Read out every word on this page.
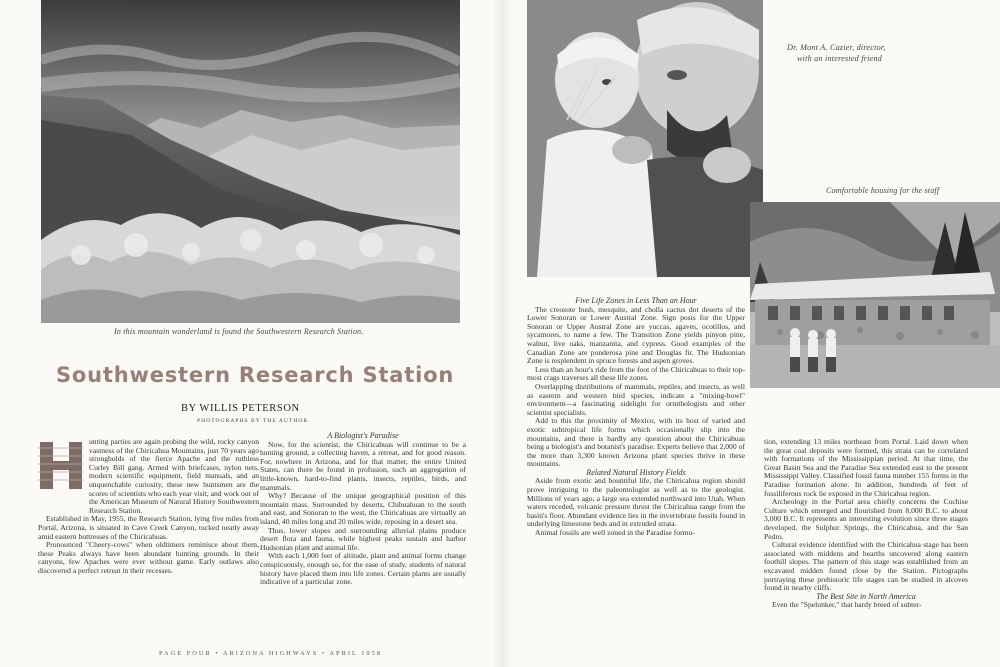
In this mountain wonderland is found the Southwestern Research Station.
Southwestern Research Station
BY WILLIS PETERSON
PHOTOGRAPHS BY THE AUTHOR

unting parties are again probing the wild, rocky canyon vastness of the Chiricahua Mountains, just 70 years ago strongholds of the fierce Apache and the ruthless Curley Bill gang. Armed with briefcases, nylon nets, modern scientific equipment, field manuals, and an unquenchable curiosity, these new huntsmen are the scores of scientists who each year visit, and work out of the American Museum of Natural History Southwestern Research Station.

Established in May, 1955, the Research Station, lying five miles from Portal, Arizona, is situated in Cave Creek Canyon, tucked neatly away amid eastern buttresses of the Chiricahuas.

Pronounced "Cheery-cows" when oldtimers reminisce about them, these Peaks always have been abundant hunting grounds. In their canyons, few Apaches were ever without game. Early outlaws also discovered a perfect retreat in their recesses.

A Biologist's Paradise

Now, for the scientist, the Chiricahuas will continue to be a hunting ground, a collecting haven, a retreat, and for good reason. For, nowhere in Arizona, and for that matter, the entire United States, can there be found in profusion, such an aggregation of little-known, hard-to-find plants, insects, reptiles, birds, and mammals.

Why? Because of the unique geographical position of this mountain mass. Surrounded by deserts, Chihuahuan to the south and east, and Sonoran to the west, the Chiricahuas are virtually an island, 40 miles long and 20 miles wide, reposing in a desert sea.

Thus, lower slopes and surrounding alluvial plains produce desert flora and fauna, while highest peaks sustain and harbor Hudsonian plant and animal life.

With each 1,000 feet of altitude, plant and animal forms change conspicuously, enough so, for the ease of study, students of natural history have placed them into life zones. Certain plants are usually indicative of a particular zone.

PAGE FOUR • ARIZONA HIGHWAYS • APRIL 1958
Dr. Mont A. Cazier, director,
with an interested friend
Comfortable housing for the staff

Five Life Zones in Less Than an Hour

The creosote bush, mesquite, and cholla cactus dot deserts of the Lower Sonoran or Lower Austral Zone. Sign posts for the Upper Sonoran or Upper Austral Zone are yuccas, agaves, ocotillos, and sycamores, to name a few. The Transition Zone yields pinyon pine, walnut, live oaks, manzanita, and cypress. Good examples of the Canadian Zone are ponderosa pine and Douglas fir. The Hudsonian Zone is resplendent in spruce forests and aspen groves.

Less than an hour's ride from the foot of the Chiricahuas to their top-most crags traverses all these life zones.

Overlapping distributions of mammals, reptiles, and insects, as well as eastern and western bird species, indicate a "mixing-bowl" environment—a fascinating sidelight for ornithologists and other scientist specialists.

Add to this the proximity of Mexico, with its host of varied and exotic subtropical life forms which occasionally slip into the mountains, and there is hardly any question about the Chiricahuas being a biologist's and botanist's paradise. Experts believe that 2,000 of the more than 3,300 known Arizona plant species thrive in these mountains.

Related Natural History Fields

Aside from exotic and bountiful life, the Chiricahua region should prove intriguing to the paleontologist as well as to the geologist. Millions of years ago, a large sea extended northward into Utah. When waters receded, volcanic pressure thrust the Chiricahua range from the basin's floor. Abundant evidence lies in the invertebrate fossils found in underlying limestone beds and in extruded strata.

Animal fossils are well zoned in the Paradise formu-

tion, extending 13 miles northeast from Portal. Laid down when the great coal deposits were formed, this strata can be correlated with formations of the Mississippian period. At that time, the Great Basin Sea and the Paradise Sea extended east to the present Mississippi Valley. Classified fossil fauna number 155 forms in the Paradise formation alone. In addition, hundreds of feet of fossiliferous rock lie exposed in the Chiricahua region.

Archeology in the Portal area chiefly concerns the Cochise Culture which emerged and flourished from 8,000 B.C. to about 3,000 B.C. It represents an interesting evolution since three stages developed, the Sulphur Springs, the Chiricahua, and the San Pedro.

Cultural evidence identified with the Chiricahua stage has been associated with middens and hearths uncovered along eastern foothill slopes. The pattern of this stage was established from an excavated midden found close by the Station. Pictographs portraying these prehistoric life stages can be studied in alcoves found in nearby cliffs.

The Best Site in North America

Even the "Spelunker," that hardy breed of subter-
